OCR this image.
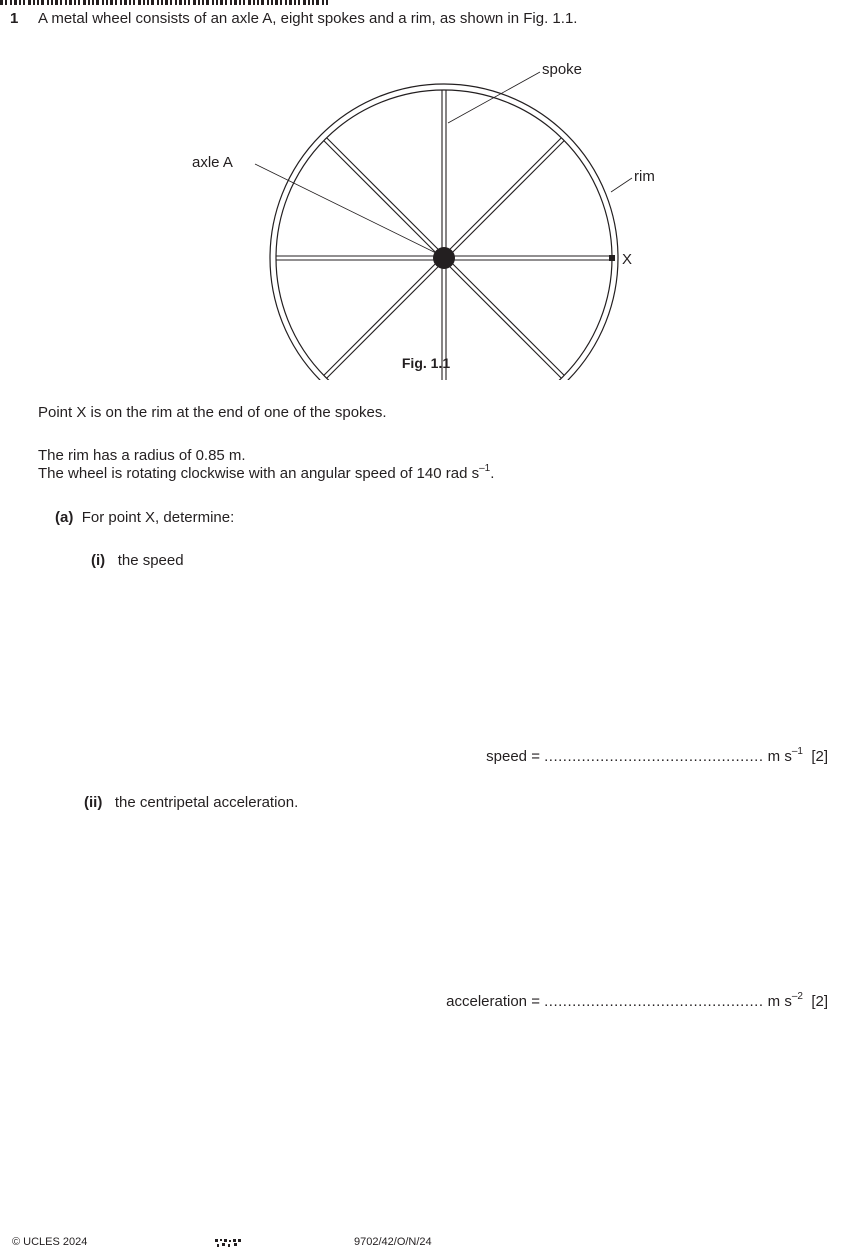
1 A metal wheel consists of an axle A, eight spokes and a rim, as shown in Fig. 1.1.
spoke
axle A
rim
X
Fig. 1.1
Point X is on the rim at the end of one of the spokes.
The rim has a radius of 0.85 m.
The wheel is rotating clockwise with an angular speed of 140 rad $s^{-1}$.
(a) For point X, determine:
(i) the speed
speed = ............................................... m $s^{-1}$ [2]
(ii) the centripetal acceleration.
acceleration = ............................................... m $s^{-2}$ [2]
© UCLES 2024	9702/42/O/N/24
